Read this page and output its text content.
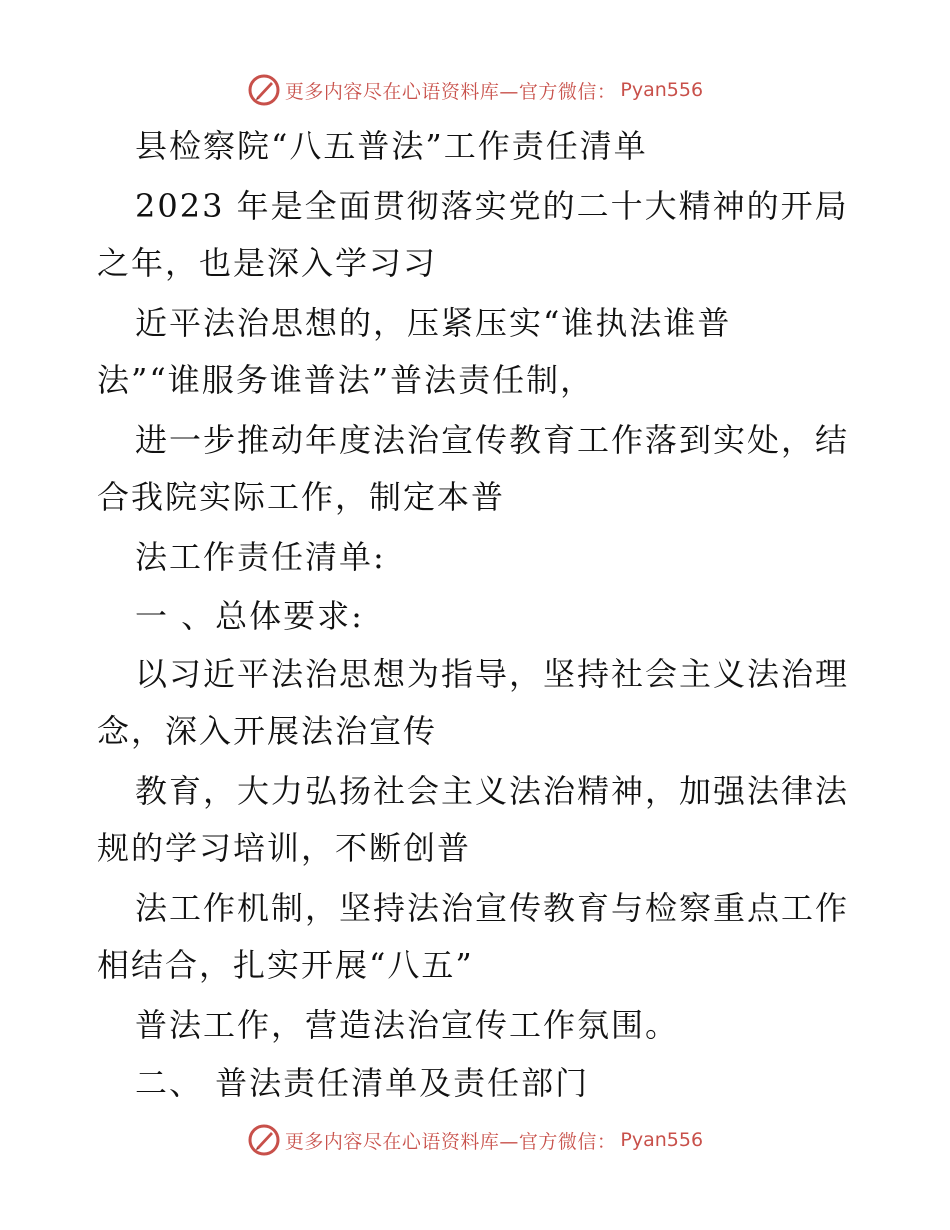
更多内容尽在心语资料库—官方微信： Pyan556
县检察院“八五普法”工作责任清单
2023 年是全面贯彻落实党的二十大精神的开局
之年，也是深入学习习
近平法治思想的，压紧压实“谁执法谁普
法”“谁服务谁普法”普法责任制，
进一步推动年度法治宣传教育工作落到实处，结
合我院实际工作，制定本普
法工作责任清单:
一 、总体要求:
以习近平法治思想为指导，坚持社会主义法治理
念，深入开展法治宣传
教育，大力弘扬社会主义法治精神，加强法律法
规的学习培训，不断创普
法工作机制，坚持法治宣传教育与检察重点工作
相结合，扎实开展“八五”
普法工作，营造法治宣传工作氛围。
二、 普法责任清单及责任部门
更多内容尽在心语资料库—官方微信： Pyan556
